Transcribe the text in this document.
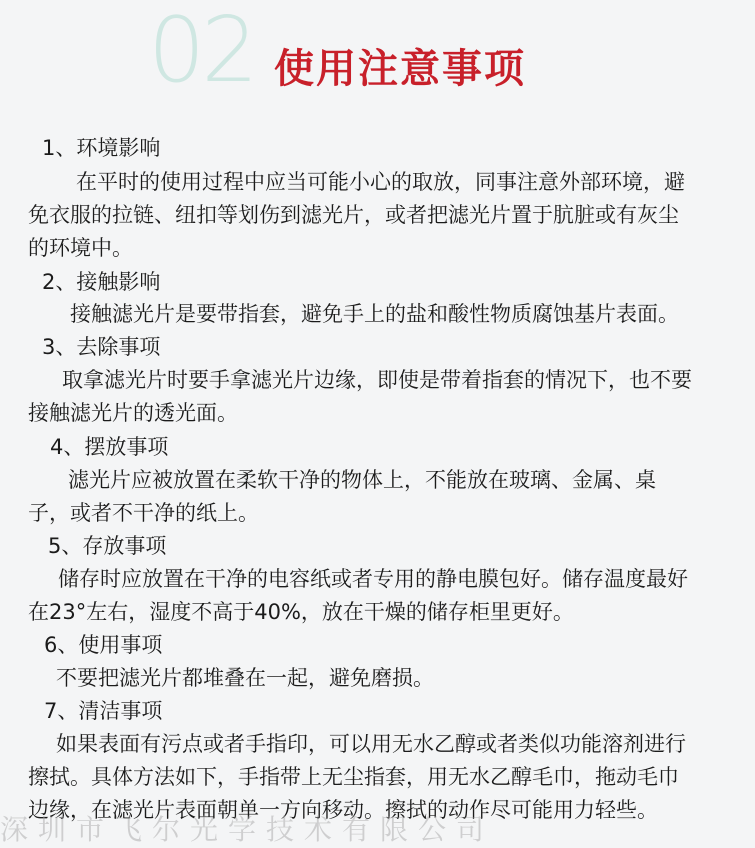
02 使用注意事项
1、环境影响
在平时的使用过程中应当可能小心的取放，同事注意外部环境，避
免衣服的拉链、纽扣等划伤到滤光片，或者把滤光片置于肮脏或有灰尘
的环境中。
2、接触影响
接触滤光片是要带指套，避免手上的盐和酸性物质腐蚀基片表面。
3、去除事项
取拿滤光片时要手拿滤光片边缘，即使是带着指套的情况下，也不要
接触滤光片的透光面。
4、摆放事项
滤光片应被放置在柔软干净的物体上，不能放在玻璃、金属、桌
子，或者不干净的纸上。
5、存放事项
储存时应放置在干净的电容纸或者专用的静电膜包好。储存温度最好
在23°左右，湿度不高于40%，放在干燥的储存柜里更好。
6、使用事项
不要把滤光片都堆叠在一起，避免磨损。
7、清洁事项
如果表面有污点或者手指印，可以用无水乙醇或者类似功能溶剂进行
擦拭。具体方法如下，手指带上无尘指套，用无水乙醇毛巾，拖动毛巾
边缘，在滤光片表面朝单一方向移动。擦拭的动作尽可能用力轻些。
深圳市飞尔光学技术有限公司
